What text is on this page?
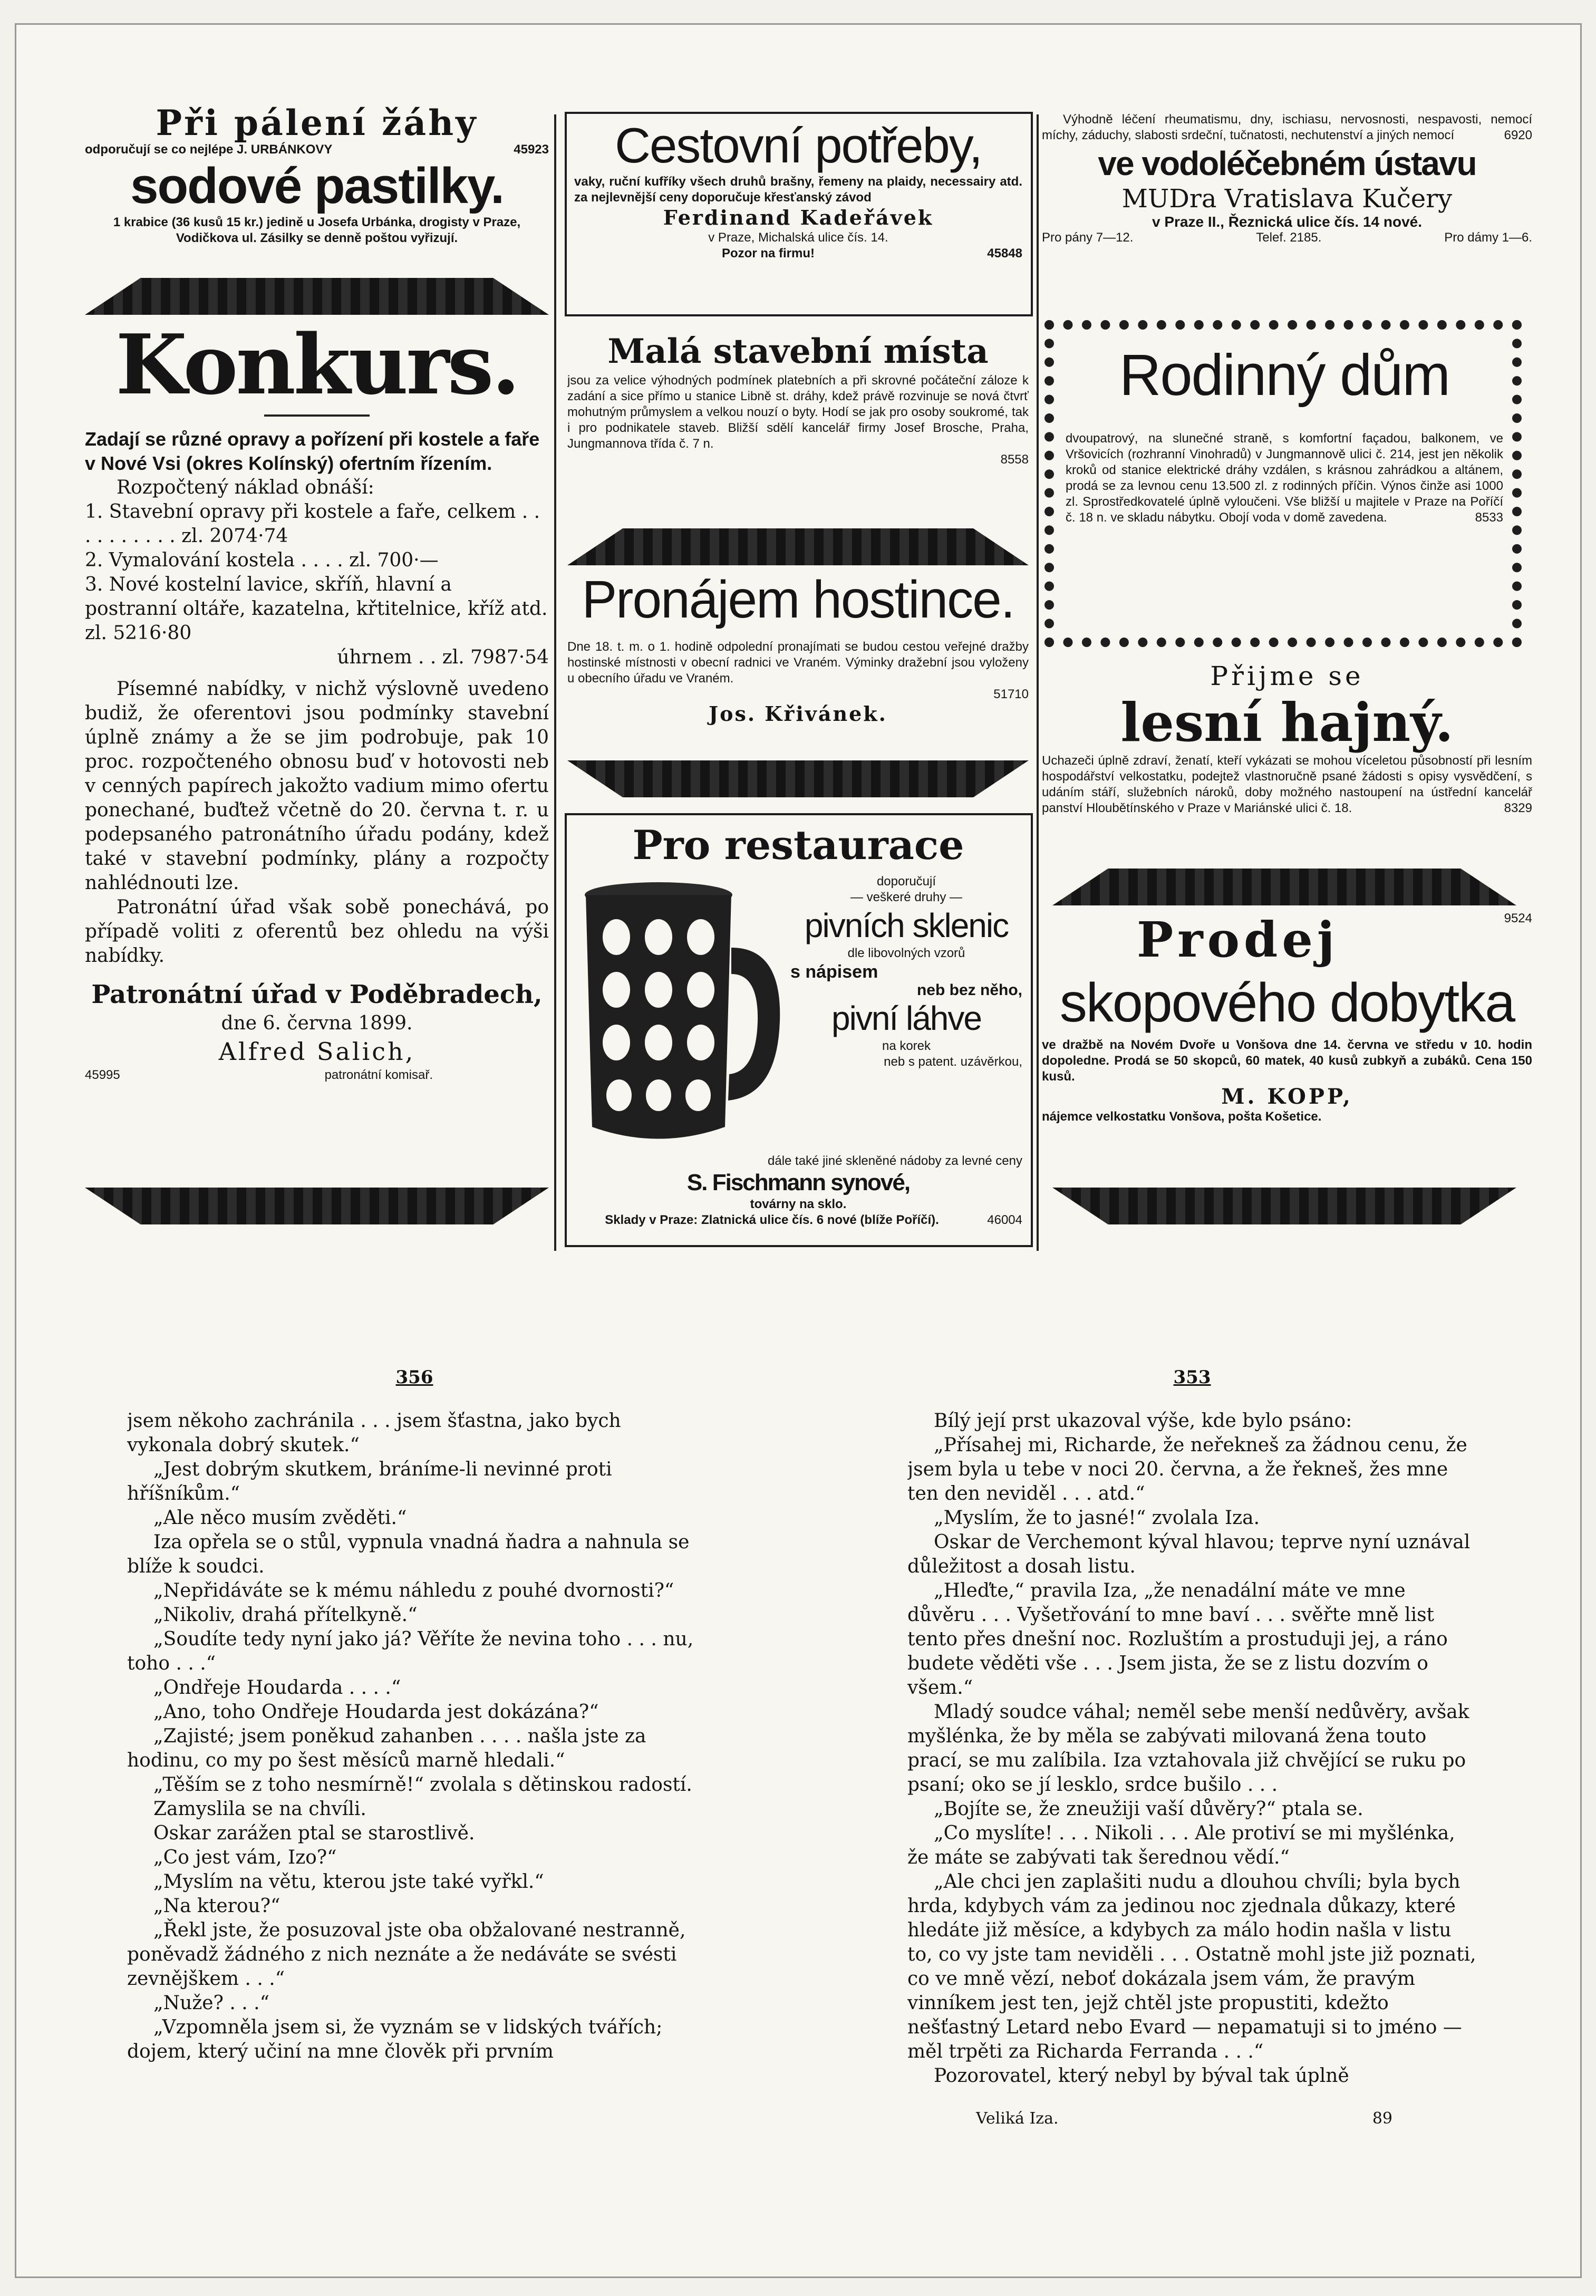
Při pálení žáhy
odporučují se co nejlépe J. URBÁNKOVY	45923
sodové pastilky.
1 krabice (36 kusů 15 kr.) jedině u Josefa Urbánka, drogisty v Praze, Vodičkova ul. Zásilky se denně poštou vyřizují.
Konkurs.

Zadají se různé opravy a pořízení při kostele a faře v Nové Vsi (okres Kolínský) ofertním řízením.

Rozpočtený náklad obnáší:

1. Stavební opravy při kostele a faře, celkem . . . . . . . . . . zl. 2074·74

2. Vymalování kostela . . . . zl. 700·—

3. Nové kostelní lavice, skříň, hlavní a postranní oltáře, kazatelna, křtitelnice, kříž atd. zl. 5216·80

úhrnem . . zl. 7987·54

Písemné nabídky, v nichž výslovně uvedeno budiž, že oferentovi jsou podmínky stavební úplně známy a že se jim podrobuje, pak 10 proc. rozpočteného obnosu buď v hotovosti neb v cenných papírech jakožto vadium mimo ofertu ponechané, buďtež včetně do 20. června t. r. u podepsaného patronátního úřadu podány, kdež také v stavební podmínky, plány a rozpočty nahlédnouti lze.

Patronátní úřad však sobě ponechává, po případě voliti z oferentů bez ohledu na výši nabídky.

Patronátní úřad v Poděbradech,

dne 6. června 1899.

Alfred Salich,

45995	patronátní komisař.
Cestovní potřeby,

vaky, ruční kufříky všech druhů brašny, řemeny na plaidy, necessairy atd. za nejlevnější ceny doporučuje křesťanský závod

Ferdinand Kadeřávek

v Praze, Michalská ulice čís. 14.

Pozor na firmu!	45848
Malá stavební místa

jsou za velice výhodných podmínek platebních a při skrovné počáteční záloze k zadání a sice přímo u stanice Libně st. dráhy, kdež právě rozvinuje se nová čtvrť mohutným průmyslem a velkou nouzí o byty. Hodí se jak pro osoby soukromé, tak i pro podnikatele staveb. Bližší sdělí kancelář firmy Josef Brosche, Praha, Jungmannova třída č. 7 n.

8558

Pronájem hostince.

Dne 18. t. m. o 1. hodině odpolední pronajímati se budou cestou veřejné dražby hostinské místnosti v obecní radnici ve Vraném. Výminky dražební jsou vyloženy u obecního úřadu ve Vraném.

51710

Jos. Křivánek.

Pro restaurace

doporučují

— veškeré druhy —

pivních sklenic

dle libovolných vzorů

s nápisem

neb bez něho,

pivní láhve

na korek

neb s patent. uzávěrkou,

dále také jiné skleněné nádoby za levné ceny

S. Fischmann synové,

továrny na sklo.

Sklady v Praze: Zlatnická ulice čís. 6 nové (blíže Poříčí).	46004

Výhodně léčení rheumatismu, dny, ischiasu, nervosnosti, nespavosti, nemocí míchy, záduchy, slabosti srdeční, tučnatosti, nechutenství a jiných nemocí	6920

ve vodoléčebném ústavu

MUDra Vratislava Kučery

v Praze II., Řeznická ulice čís. 14 nové.

Pro pány 7—12.	Telef. 2185.	Pro dámy 1—6.
Rodinný dům

dvoupatrový, na slunečné straně, s komfortní façadou, balkonem, ve Vršovicích (rozhranní Vinohradů) v Jungmannově ulici č. 214, jest jen několik kroků od stanice elektrické dráhy vzdálen, s krásnou zahrádkou a altánem, prodá se za levnou cenu 13.500 zl. z rodinných příčin. Výnos činže asi 1000 zl. Sprostředkovatelé úplně vyloučeni. Vše bližší u majitele v Praze na Poříčí č. 18 n. ve skladu nábytku. Obojí voda v domě zavedena.	8533

Přijme se
lesní hajný.

Uchazeči úplně zdraví, ženatí, kteří vykázati se mohou víceletou působností při lesním hospodářství velkostatku, podejtež vlastnoručně psané žádosti s opisy vysvědčení, s udáním stáří, služebních nároků, doby možného nastoupení na ústřední kancelář panství Hloubětínského v Praze v Mariánské ulici č. 18.	8329

Prodej	9524
skopového dobytka

ve dražbě na Novém Dvoře u Vonšova dne 14. června ve středu v 10. hodin dopoledne. Prodá se 50 skopců, 60 matek, 40 kusů zubkyň a zubáků. Cena 150 kusů.

M. KOPP,

nájemce velkostatku Vonšova, pošta Košetice.

356

jsem někoho zachránila . . . jsem šťastna, jako bych vykonala dobrý skutek.“

„Jest dobrým skutkem, bráníme-li nevinné proti hříšníkům.“

„Ale něco musím zvěděti.“

Iza opřela se o stůl, vypnula vnadná ňadra a nahnula se blíže k soudci.

„Nepřidáváte se k mému náhledu z pouhé dvornosti?“

„Nikoliv, drahá přítelkyně.“

„Soudíte tedy nyní jako já? Věříte že nevina toho . . . nu, toho . . .“

„Ondřeje Houdarda . . . .“

„Ano, toho Ondřeje Houdarda jest dokázána?“

„Zajisté; jsem poněkud zahanben . . . . našla jste za hodinu, co my po šest měsíců marně hledali.“

„Těším se z toho nesmírně!“ zvolala s dětinskou radostí.

Zamyslila se na chvíli.

Oskar zarážen ptal se starostlivě.

„Co jest vám, Izo?“

„Myslím na větu, kterou jste také vyřkl.“

„Na kterou?“

„Řekl jste, že posuzoval jste oba obžalované nestranně, poněvadž žádného z nich neznáte a že nedáváte se svésti zevnějškem . . .“

„Nuže? . . .“

„Vzpomněla jsem si, že vyznám se v lidských tvářích; dojem, který učiní na mne člověk při prvním

353

Bílý její prst ukazoval výše, kde bylo psáno:

„Přísahej mi, Richarde, že neřekneš za žádnou cenu, že jsem byla u tebe v noci 20. června, a že řekneš, žes mne ten den neviděl . . . atd.“

„Myslím, že to jasné!“ zvolala Iza.

Oskar de Verchemont kýval hlavou; teprve nyní uznával důležitost a dosah listu.

„Hleďte,“ pravila Iza, „že nenadální máte ve mne důvěru . . . Vyšetřování to mne baví . . . svěřte mně list tento přes dnešní noc. Rozluštím a prostuduji jej, a ráno budete věděti vše . . . Jsem jista, že se z listu dozvím o všem.“

Mladý soudce váhal; neměl sebe menší nedůvěry, avšak myšlénka, že by měla se zabývati milovaná žena touto prací, se mu zalíbila. Iza vztahovala již chvějící se ruku po psaní; oko se jí lesklo, srdce bušilo . . .

„Bojíte se, že zneužiji vaší důvěry?“ ptala se.

„Co myslíte! . . . Nikoli . . . Ale protiví se mi myšlénka, že máte se zabývati tak šerednou vědí.“

„Ale chci jen zaplašiti nudu a dlouhou chvíli; byla bych hrda, kdybych vám za jedinou noc zjednala důkazy, které hledáte již měsíce, a kdybych za málo hodin našla v listu to, co vy jste tam neviděli . . . Ostatně mohl jste již poznati, co ve mně vězí, neboť dokázala jsem vám, že pravým vinníkem jest ten, jejž chtěl jste propustiti, kdežto nešťastný Letard nebo Evard — nepamatuji si to jméno — měl trpěti za Richarda Ferranda . . .“

Pozorovatel, který nebyl by býval tak úplně

Veliká Iza.	89
